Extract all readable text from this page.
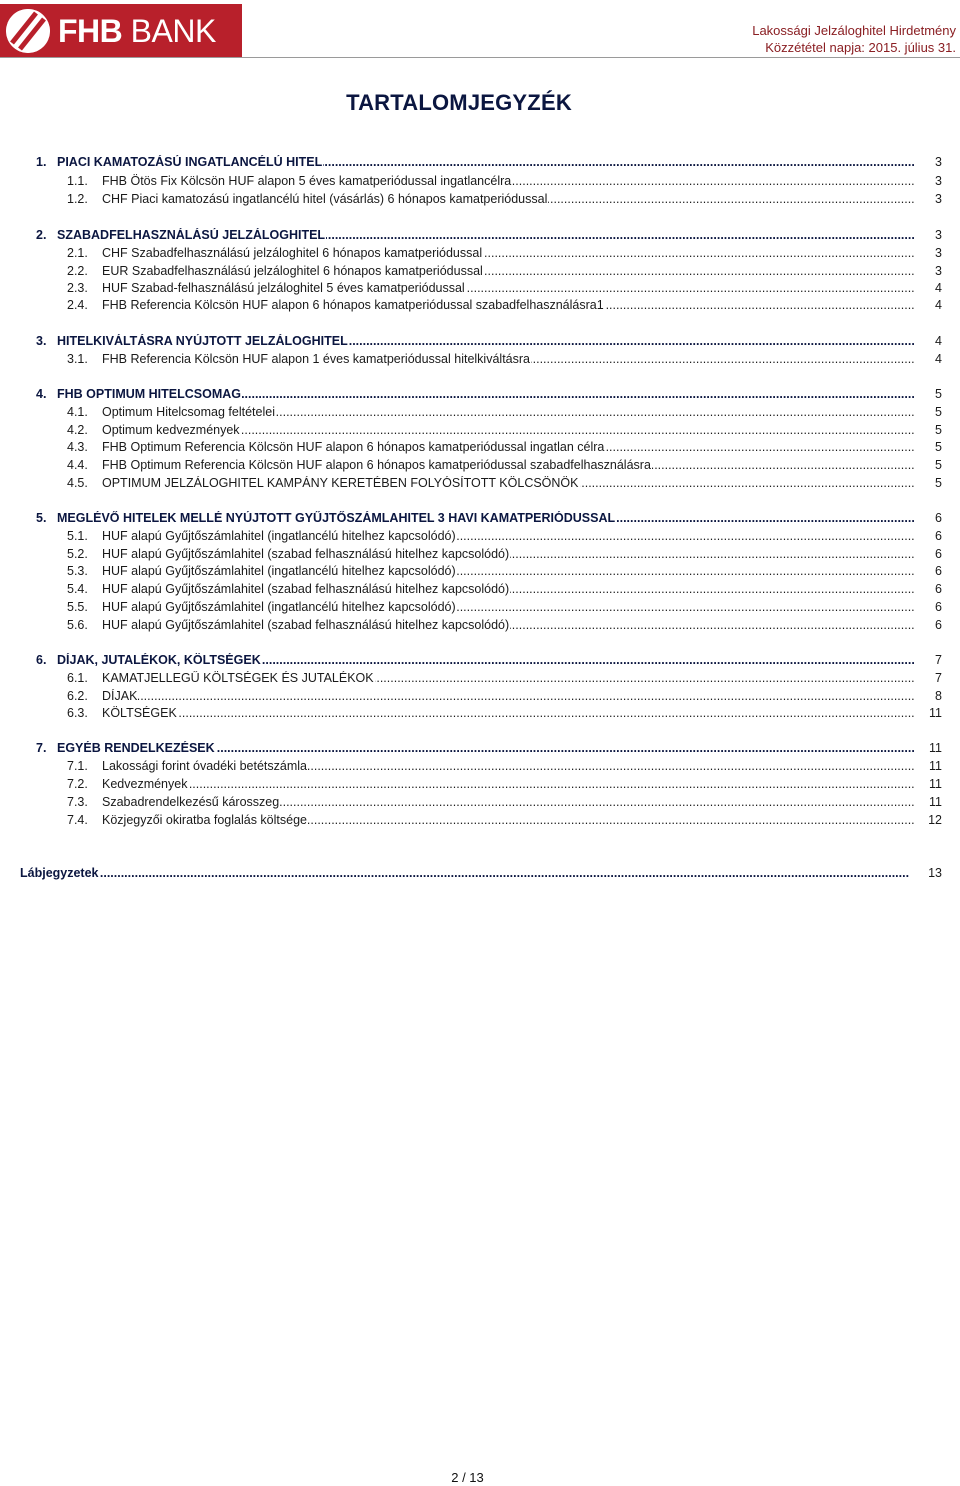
FHB BANK	Lakossági Jelzáloghitel Hirdetmény
Közzététel napja: 2015. július 31.
TARTALOMJEGYZÉK
1. ..... PIACI KAMATOZÁSÚ INGATLANCÉLÚ HITEL	3
1.1. ..... FHB Ötös Fix Kölcsön HUF alapon 5 éves kamatperiódussal ingatlancélra	3
1.2. ..... CHF Piaci kamatozású ingatlancélú hitel (vásárlás) 6 hónapos kamatperiódussal	3
2. ..... SZABADFELHASZNÁLÁSÚ JELZÁLOGHITEL	3
2.1. ..... CHF Szabadfelhasználású jelzáloghitel 6 hónapos kamatperiódussal	3
2.2. ..... EUR Szabadfelhasználású jelzáloghitel 6 hónapos kamatperiódussal	3
2.3. ..... HUF Szabad-felhasználású jelzáloghitel 5 éves kamatperiódussal	4
2.4. ..... FHB Referencia Kölcsön HUF alapon 6 hónapos kamatperiódussal szabadfelhasználásra1	4
3. ..... HITELKIVÁLTÁSRA NYÚJTOTT JELZÁLOGHITEL	4
3.1. ..... FHB Referencia Kölcsön HUF alapon 1 éves kamatperiódussal hitelkiváltásra	4
4. ..... FHB OPTIMUM HITELCSOMAG	5
4.1. ..... Optimum Hitelcsomag feltételei	5
4.2. ..... Optimum kedvezmények	5
4.3. ..... FHB Optimum Referencia Kölcsön HUF alapon 6 hónapos kamatperiódussal ingatlan célra	5
4.4. ..... FHB Optimum Referencia Kölcsön HUF alapon 6 hónapos kamatperiódussal szabadfelhasználásra	5
4.5. ..... OPTIMUM JELZÁLOGHITEL KAMPÁNY KERETÉBEN FOLYÓSÍTOTT KÖLCSÖNÖK	5
5. ..... MEGLÉVŐ HITELEK MELLÉ NYÚJTOTT GYŰJTŐSZÁMLAHITEL 3 HAVI KAMATPERIÓDUSSAL	6
5.1. ..... HUF alapú Gyűjtőszámlahitel (ingatlancélú hitelhez kapcsolódó)	6
5.2. ..... HUF alapú Gyűjtőszámlahitel (szabad felhasználású hitelhez kapcsolódó)	6
5.3. ..... HUF alapú Gyűjtőszámlahitel (ingatlancélú hitelhez kapcsolódó)	6
5.4. ..... HUF alapú Gyűjtőszámlahitel (szabad felhasználású hitelhez kapcsolódó)	6
5.5. ..... HUF alapú Gyűjtőszámlahitel (ingatlancélú hitelhez kapcsolódó)	6
5.6. ..... HUF alapú Gyűjtőszámlahitel (szabad felhasználású hitelhez kapcsolódó)	6
6. ..... DÍJAK, JUTALÉKOK, KÖLTSÉGEK	7
6.1. ..... KAMATJELLEGŰ KÖLTSÉGEK ÉS JUTALÉKOK	7
6.2. ..... DÍJAK	8
6.3. ..... KÖLTSÉGEK	11
7. ..... EGYÉB RENDELKEZÉSEK	11
7.1. ..... Lakossági forint óvadéki betétszámla	11
7.2. ..... Kedvezmények	11
7.3. ..... Szabadrendelkezésű károsszeg	11
7.4. ..... Közjegyzői okiratba foglalás költsége	12
.....
Lábjegyzetek	13
2 / 13
